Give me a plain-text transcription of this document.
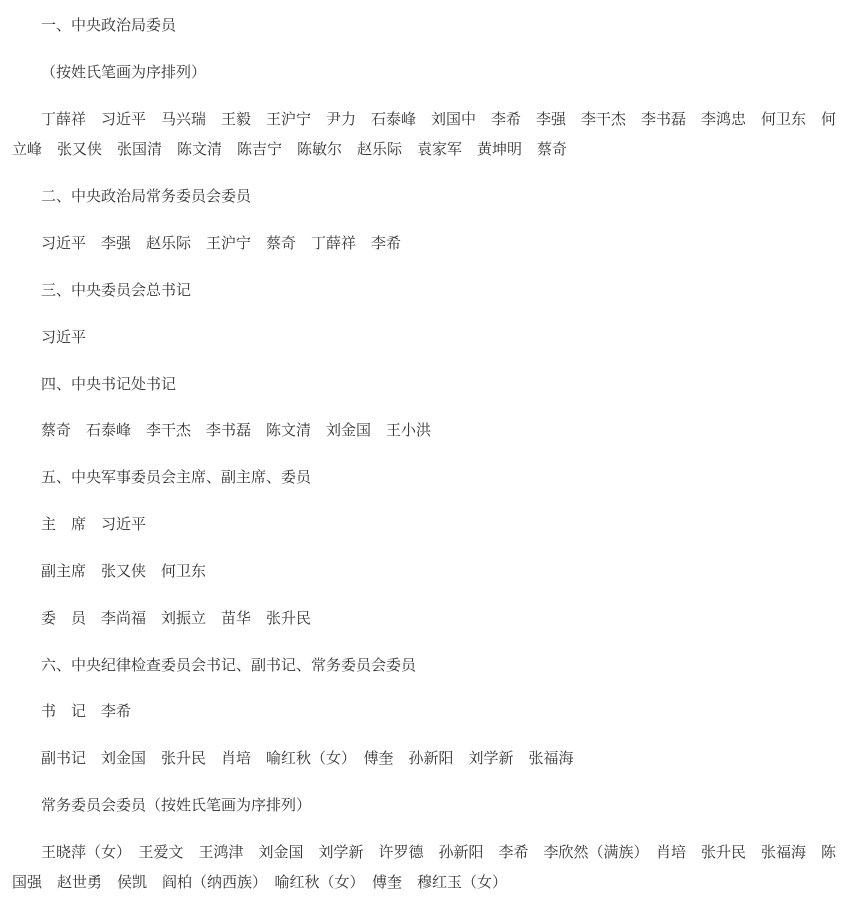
一、中央政治局委员

（按姓氏笔画为序排列）

丁薛祥　习近平　马兴瑞　王毅　王沪宁　尹力　石泰峰　刘国中　李希　李强　李干杰　李书磊　李鸿忠　何卫东　何立峰　张又侠　张国清　陈文清　陈吉宁　陈敏尔　赵乐际　袁家军　黄坤明　蔡奇

二、中央政治局常务委员会委员

习近平　李强　赵乐际　王沪宁　蔡奇　丁薛祥　李希

三、中央委员会总书记

习近平

四、中央书记处书记

蔡奇　石泰峰　李干杰　李书磊　陈文清　刘金国　王小洪

五、中央军事委员会主席、副主席、委员

主　席　习近平

副主席　张又侠　何卫东

委　员　李尚福　刘振立　苗华　张升民

六、中央纪律检查委员会书记、副书记、常务委员会委员

书　记　李希

副书记　刘金国　张升民　肖培　喻红秋（女）　傅奎　孙新阳　刘学新　张福海

常务委员会委员（按姓氏笔画为序排列）

王晓萍（女）　王爱文　王鸿津　刘金国　刘学新　许罗德　孙新阳　李希　李欣然（满族）　肖培　张升民　张福海　陈国强　赵世勇　侯凯　阎柏（纳西族）　喻红秋（女）　傅奎　穆红玉（女）
